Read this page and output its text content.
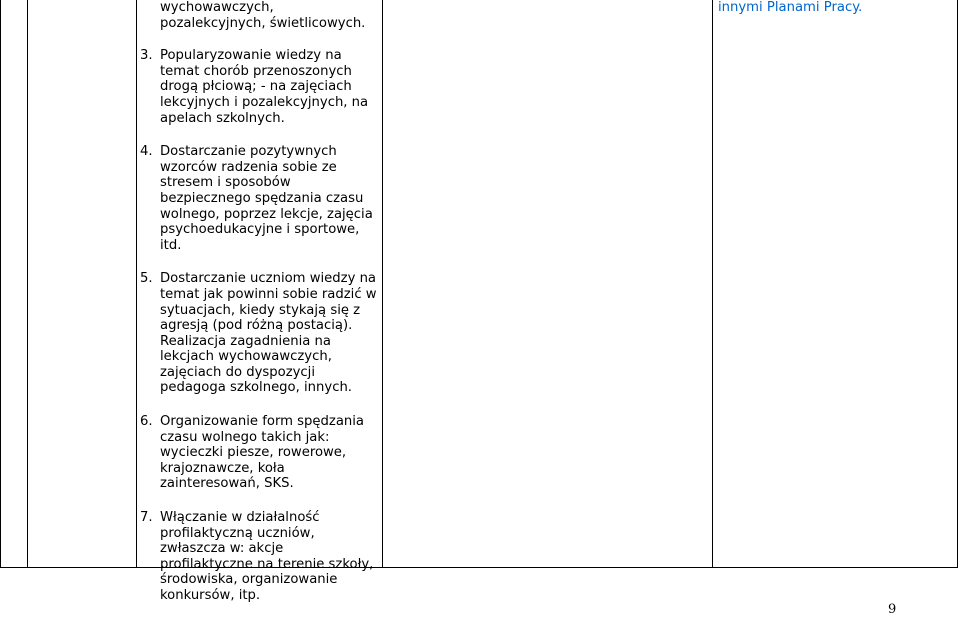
wychowawczych, pozalekcyjnych, świetlicowych.
3. Popularyzowanie wiedzy na temat chorób przenoszonych drogą płciową; - na zajęciach lekcyjnych i pozalekcyjnych, na apelach szkolnych.
4. Dostarczanie pozytywnych wzorców radzenia sobie ze stresem i sposobów bezpiecznego spędzania czasu wolnego, poprzez lekcje, zajęcia psychoedukacyjne i sportowe, itd.
5. Dostarczanie uczniom wiedzy na temat jak powinni sobie radzić w sytuacjach, kiedy stykają się z agresją (pod różną postacią). Realizacja zagadnienia na lekcjach wychowawczych, zajęciach do dyspozycji pedagoga szkolnego, innych.
6. Organizowanie form spędzania czasu wolnego takich jak: wycieczki piesze, rowerowe, krajoznawcze, koła zainteresowań, SKS.
7. Włączanie w działalność profilaktyczną uczniów, zwłaszcza w: akcje profilaktyczne na terenie szkoły, środowiska, organizowanie konkursów, itp.
innymi Planami Pracy.
9
